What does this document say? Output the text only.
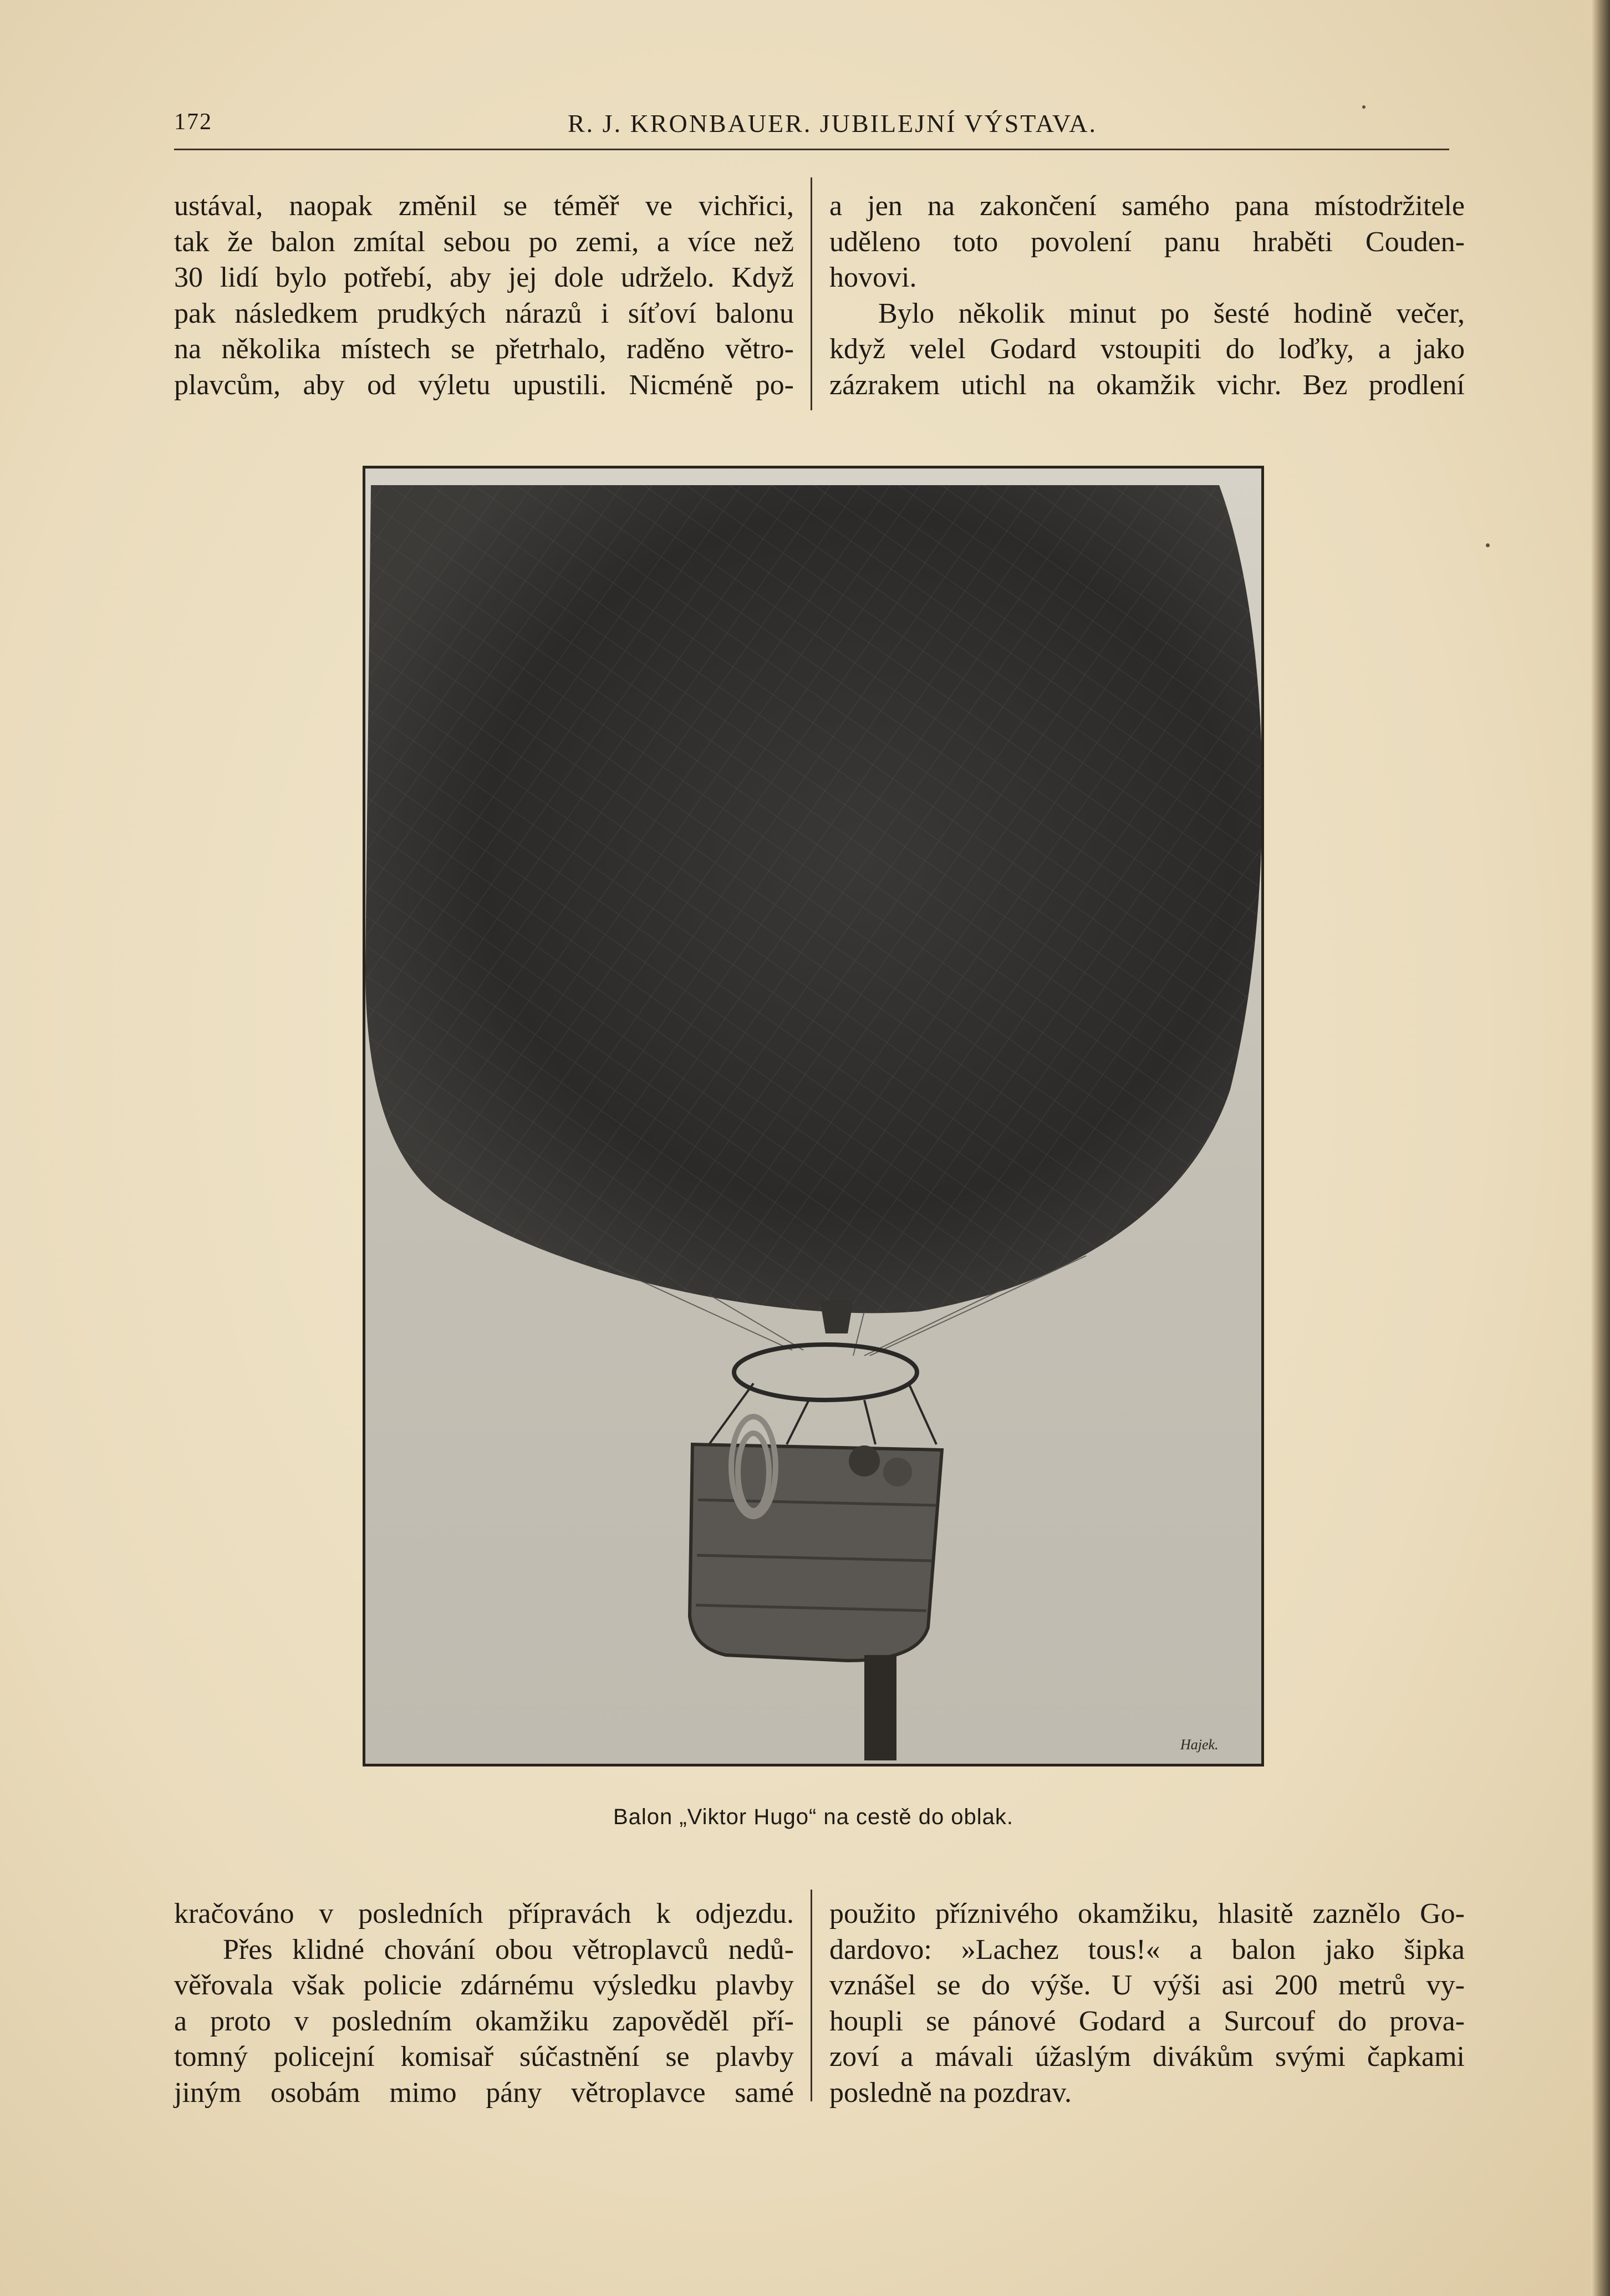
172	R. J. KRONBAUER. JUBILEJNÍ VÝSTAVA.
ustával, naopak změnil se téměř ve vichřici,
tak že balon zmítal sebou po zemi, a více než
30 lidí bylo potřebí, aby jej dole udrželo. Když
pak následkem prudkých nárazů i síťoví balonu
na několika místech se přetrhalo, raděno větro-
plavcům, aby od výletu upustili. Nicméně po-
a jen na zakončení samého pana místodržitele
uděleno toto povolení panu hraběti Couden-
hovovi.
Bylo několik minut po šesté hodině večer,
když velel Godard vstoupiti do loďky, a jako
zázrakem utichl na okamžik vichr. Bez prodlení
Hajek.
Balon „Viktor Hugo“ na cestě do oblak.
kračováno v posledních přípravách k odjezdu.
Přes klidné chování obou větroplavců nedů-
věřovala však policie zdárnému výsledku plavby
a proto v posledním okamžiku zapověděl pří-
tomný policejní komisař súčastnění se plavby
jiným osobám mimo pány větroplavce samé
použito příznivého okamžiku, hlasitě zaznělo Go-
dardovo: »Lachez tous!« a balon jako šipka
vznášel se do výše. U výši asi 200 metrů vy-
houpli se pánové Godard a Surcouf do prova-
zoví a mávali úžaslým divákům svými čapkami
posledně na pozdrav.
